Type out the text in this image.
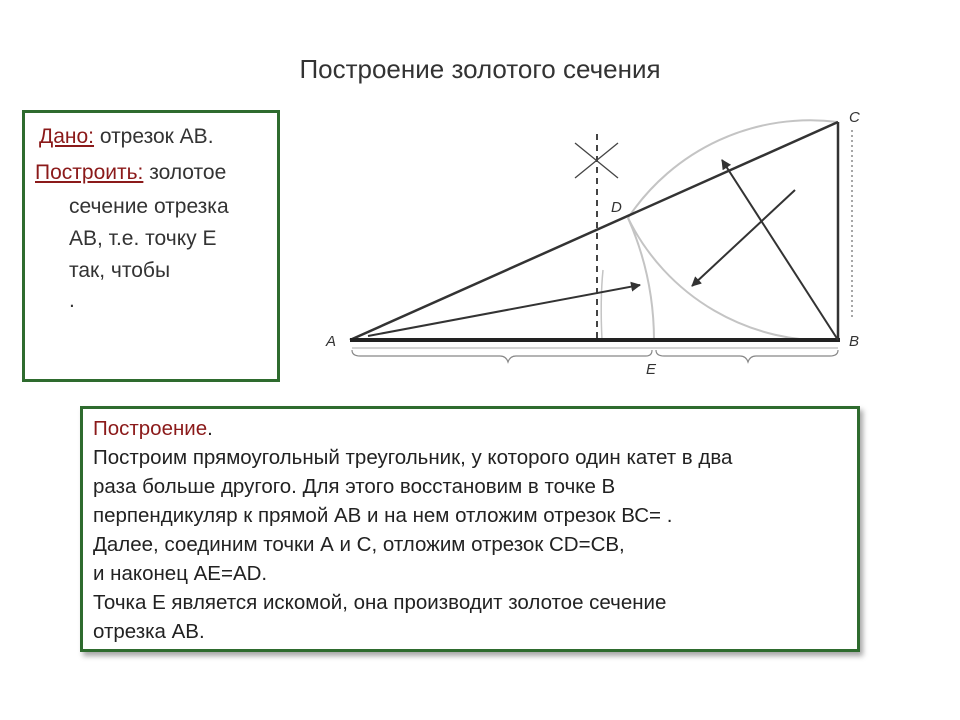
Построение золотого сечения
Дано: отрезок АВ.
Построить: золотое
сечение отрезка
АВ, т.е. точку Е
так, чтобы
.
A	B
C
D
E
Построение.
Построим прямоугольный треугольник, у которого один катет в два
раза больше другого. Для этого восстановим в точке В
перпендикуляр к прямой АВ и на нем отложим отрезок ВС= .
Далее, соединим точки А и С, отложим отрезок CD=CB,
и наконец AE=AD.
Точка Е является искомой, она производит золотое сечение
отрезка АВ.
